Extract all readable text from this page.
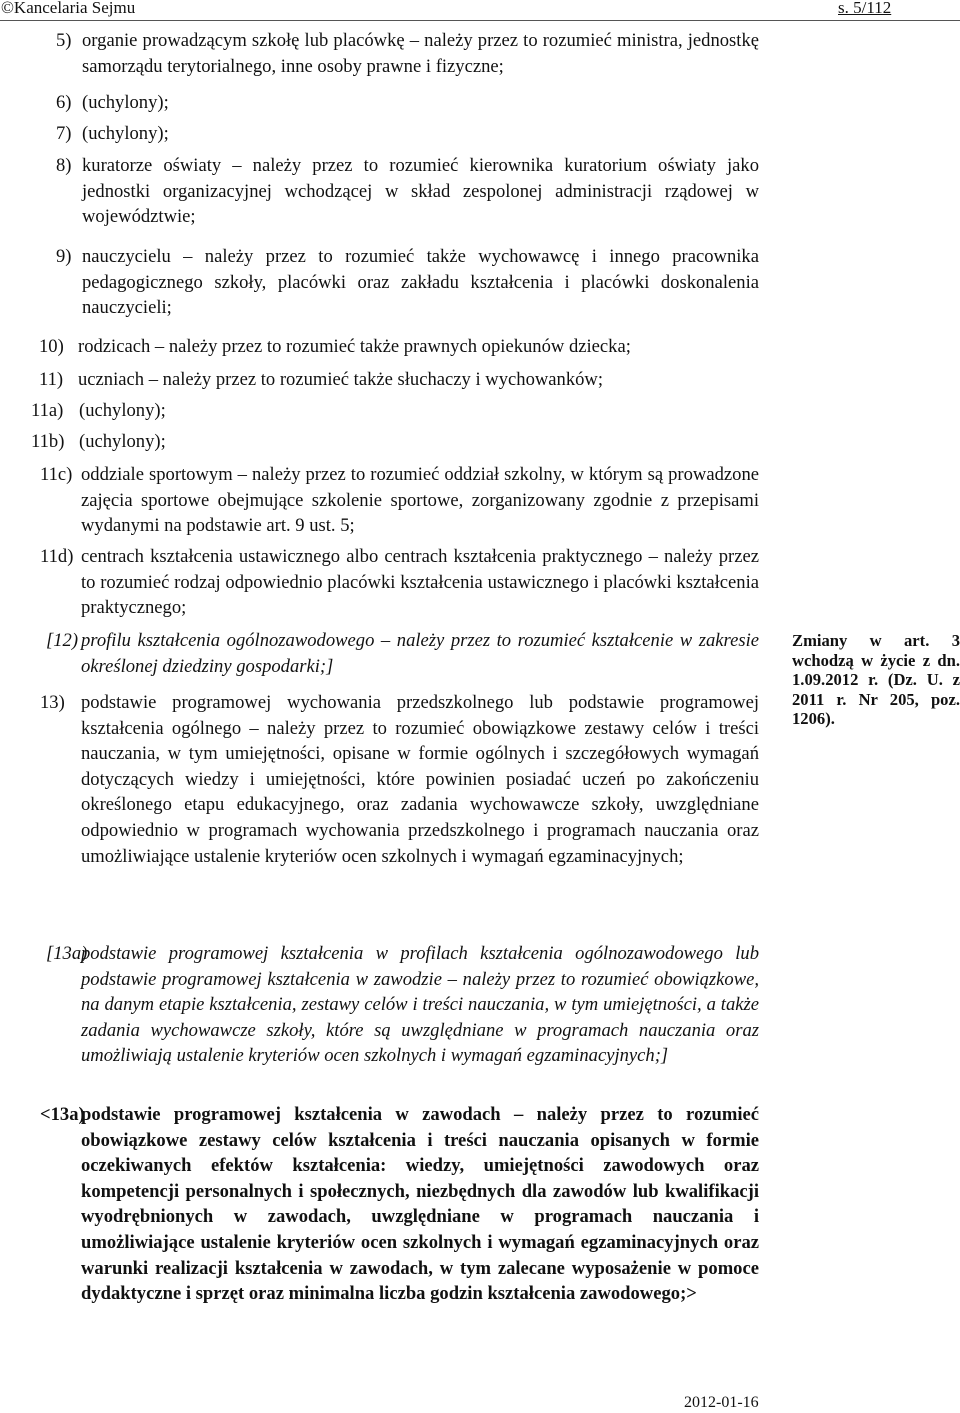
©Kancelaria Sejmu	s. 5/112
5) organie prowadzącym szkołę lub placówkę – należy przez to rozumieć ministra, jednostkę samorządu terytorialnego, inne osoby prawne i fizyczne;
6) (uchylony);
7) (uchylony);
8) kuratorze oświaty – należy przez to rozumieć kierownika kuratorium oświaty jako jednostki organizacyjnej wchodzącej w skład zespolonej administracji rządowej w województwie;
9) nauczycielu – należy przez to rozumieć także wychowawcę i innego pracownika pedagogicznego szkoły, placówki oraz zakładu kształcenia i placówki doskonalenia nauczycieli;
10) rodzicach – należy przez to rozumieć także prawnych opiekunów dziecka;
11) uczniach – należy przez to rozumieć także słuchaczy i wychowanków;
11a) (uchylony);
11b) (uchylony);
11c) oddziale sportowym – należy przez to rozumieć oddział szkolny, w którym są prowadzone zajęcia sportowe obejmujące szkolenie sportowe, zorganizowany zgodnie z przepisami wydanymi na podstawie art. 9 ust. 5;
11d) centrach kształcenia ustawicznego albo centrach kształcenia praktycznego – należy przez to rozumieć rodzaj odpowiednio placówki kształcenia ustawicznego i placówki kształcenia praktycznego;
[12) profilu kształcenia ogólnozawodowego – należy przez to rozumieć kształcenie w zakresie określonej dziedziny gospodarki;]
13) podstawie programowej wychowania przedszkolnego lub podstawie programowej kształcenia ogólnego – należy przez to rozumieć obowiązkowe zestawy celów i treści nauczania, w tym umiejętności, opisane w formie ogólnych i szczegółowych wymagań dotyczących wiedzy i umiejętności, które powinien posiadać uczeń po zakończeniu określonego etapu edukacyjnego, oraz zadania wychowawcze szkoły, uwzględniane odpowiednio w programach wychowania przedszkolnego i programach nauczania oraz umożliwiające ustalenie kryteriów ocen szkolnych i wymagań egzaminacyjnych;
[13a)
podstawie programowej kształcenia w profilach kształcenia ogólnozawodowego lub podstawie programowej kształcenia w zawodzie – należy przez to rozumieć obowiązkowe, na danym etapie kształcenia, zestawy celów i treści nauczania, w tym umiejętności, a także zadania wychowawcze szkoły, które są uwzględniane w programach nauczania oraz umożliwiają ustalenie kryteriów ocen szkolnych i wymagań egzaminacyjnych;]
<13a)
podstawie programowej kształcenia w zawodach – należy przez to rozumieć obowiązkowe zestawy celów kształcenia i treści nauczania opisanych w formie oczekiwanych efektów kształcenia: wiedzy, umiejętności zawodowych oraz kompetencji personalnych i społecznych, niezbędnych dla zawodów lub kwalifikacji wyodrębnionych w zawodach, uwzględniane w programach nauczania i umożliwiające ustalenie kryteriów ocen szkolnych i wymagań egzaminacyjnych oraz warunki realizacji kształcenia w zawodach, w tym zalecane wyposażenie w pomoce dydaktyczne i sprzęt oraz minimalna liczba godzin kształcenia zawodowego;>
Zmiany w art. 3 wchodzą w życie z dn. 1.09.2012 r. (Dz. U. z 2011 r. Nr 205, poz. 1206).
2012-01-16
